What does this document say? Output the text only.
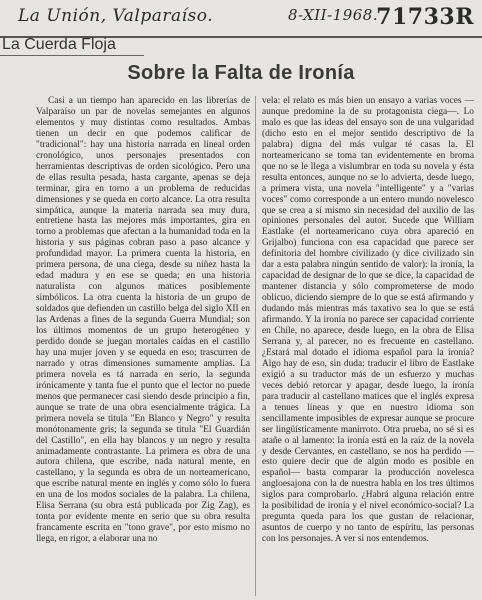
La Unión, Valparaíso.	8-XII-1968.
71733R
La Cuerda Floja
Sobre la Falta de Ironía

Casi a un tiempo han aparecido en las librerías de Valparaíso un par de novelas semejantes en algunos elementos y muy distintas como resultados. Ambas tienen un decir en que podemos calificar de "tradicional": hay una historia narrada en lineal orden cronológico, unos personajes presentados con herramientas descriptivas de orden sicológico. Pero una de ellas resulta pesada, hasta cargante, apenas se deja terminar, gira en torno a un problema de reducidas dimensiones y se queda en corto alcance. La otra resulta simpática, aunque la materia narrada sea muy dura, entretiene hasta las mejores más importantes, gira en torno a problemas que afectan a la humanidad toda en la historia y sus páginas cobran paso a paso alcance y profundidad mayor. La primera cuenta la historia, en primera persona, de una ciega, desde su niñez hasta la edad madura y en ese se queda; en una historia naturalista con algunos matices posiblemente simbólicos. La otra cuenta la historia de un grupo de soldados que defienden un castillo belga del siglo XII en las Ardenas a fines de la segunda Guerra Mundial; son los últimos momentos de un grupo heterogéneo y perdido donde se juegan mortales caídas en el castillo hay una mujer joven y se equeda en eso; trascurren de narrado y otras dimensiones sumamente amplias. La primera novela es tá narrada en serio, la segunda irónicamente y tanta fue el punto que el lector no puede menos que permanecer casi siendo desde principio a fin, aunque se trate de una obra esencialmente trágica. La primera novela se titula "En Blanco y Negro" y resulta monótonamente gris; la segunda se titula "El Guardián del Castillo", en ella hay blancos y un negro y resulta animadamente contrastante. La primera es obra de una autora chilena, que escribe, nada natural mente, en castellano, y la segunda es obra de un norteamericano, que escribe natural mente en inglés y como sólo lo fuera en una de los modos sociales de la palabra. La chilena, Elisa Serrana (su obra está publicada por Zig Zag), es tonta por evidente mente en serio que su obra resulta francamente escrita en "tono grave", por esto mismo no llega, en rigor, a elaborar una no

vela: el relato es más bien un ensayo a varias voces —aunque predomine la de su protagonista ciega—. Lo malo es que las ideas del ensayo son de una vulgaridad (dicho esto en el mejor sentido descriptivo de la palabra) digna del más vulgar té casas la. El norteamericano se toma tan evidentemente en broma que no se le llega a vislumbrar en toda su novela y ésta resulta entonces, aunque no se lo advierta, desde luego, a primera vista, una novela "intelligente" y a "varias voces" como corresponde a un entero mundo novelesco que se crea a sí mismo sin necesidad del auxilio de las opiniones personales del autor. Sucede que William Eastlake (el norteamericano cuya obra apareció en Grijalbo) funciona con esa capacidad que parece ser definitoria del hombre civilizado (y dice civilizado sin dar a esta palabra ningún sentido de valor): la ironía, la capacidad de designar de lo que se dice, la capacidad de mantener distancia y sólo comprometerse de modo oblicuo, diciendo siempre de lo que se está afirmando y dudando más mientras más taxativo sea lo que se está afirmando. Y la ironía no parece ser capacidad corriente en Chile, no aparece, desde luego, en la obra de Elisa Serrana y, al parecer, no es frecuente en castellano. ¿Estará mal dotado el idioma español para la ironía? Algo hay de eso, sin duda: traducir el libro de Eastlake exigió a su traductor más de un esfuerzo y muchas veces debió retorcar y apagar, desde luego, la ironía para traducir al castellano matices que el inglés expresa a tenues líneas y que en nuestro idioma son sencillamente imposibles de expresar aunque se procure ser lingüísticamente manirroto. Otra prueba, no sé si es atañe o al lamento: la ironía está en la raíz de la novela y desde Cervantes, en castellano, se nos ha perdido —esto quiere decir que de algún modo es posible en español— basta comparar la producción novelesca angloesajona con la de nuestra habla en los tres últimos siglos para comprobarlo. ¿Habrá alguna relación entre la posibilidad de ironía y el nivel económico-social? La pregunta queda para los que gustan de relacionar, asuntos de cuerpo y no tanto de espíritu, las personas con los personajes. A ver si nos entendemos.
